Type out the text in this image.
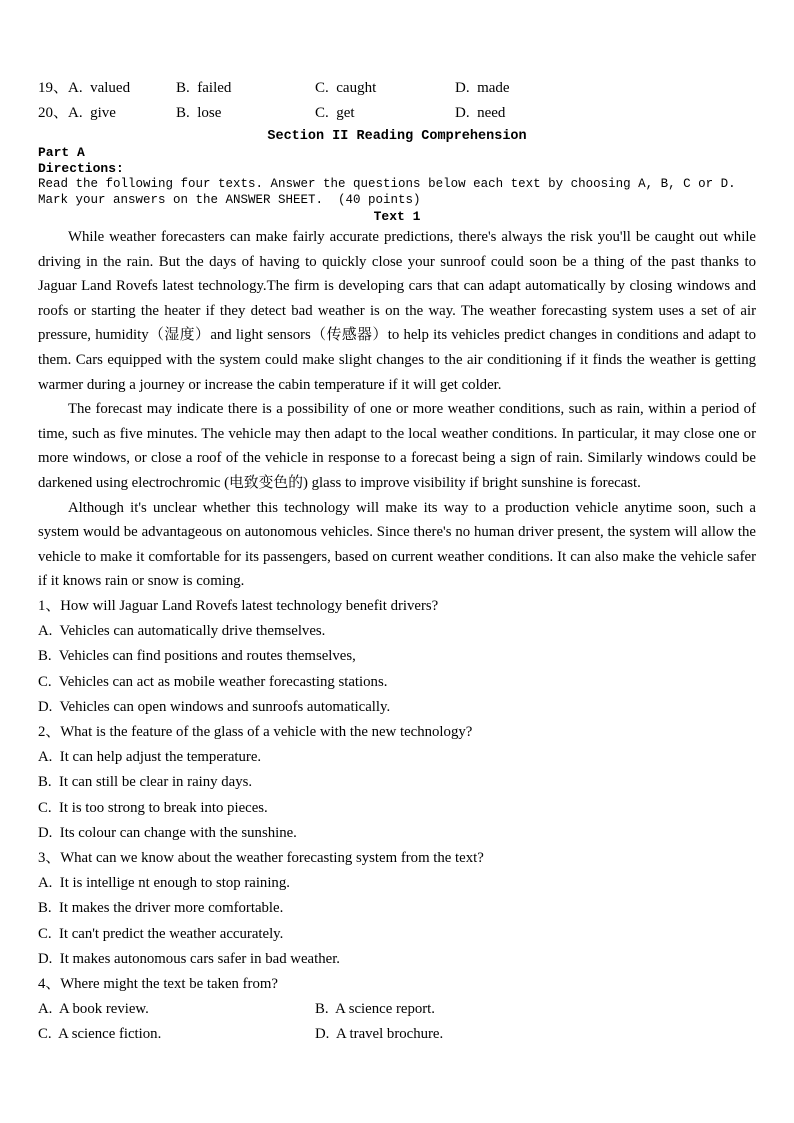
19、A.  valued	B.  failed	C.  caught	D.  made
20、A.  give	B.  lose	C.  get	D.  need
Section II Reading Comprehension
Part A
Directions:
Read the following four texts. Answer the questions below each text by choosing A, B, C or D. Mark your answers on the ANSWER SHEET.  (40 points)
Text 1

While weather forecasters can make fairly accurate predictions, there's always the risk you'll be caught out while driving in the rain. But the days of having to quickly close your sunroof could soon be a thing of the past thanks to Jaguar Land Rovefs latest technology.The firm is developing cars that can adapt automatically by closing windows and roofs or starting the heater if they detect bad weather is on the way. The weather forecasting system uses a set of air pressure, humidity（湿度）and light sensors（传感器）to help its vehicles predict changes in conditions and adapt to them. Cars equipped with the system could make slight changes to the air conditioning if it finds the weather is getting warmer during a journey or increase the cabin temperature if it will get colder.

The forecast may indicate there is a possibility of one or more weather conditions, such as rain, within a period of time, such as five minutes. The vehicle may then adapt to the local weather conditions. In particular, it may close one or more windows, or close a roof of the vehicle in response to a forecast being a sign of rain. Similarly windows could be darkened using electrochromic (电致变色的) glass to improve visibility if bright sunshine is forecast.

Although it's unclear whether this technology will make its way to a production vehicle anytime soon, such a system would be advantageous on autonomous vehicles. Since there's no human driver present, the system will allow the vehicle to make it comfortable for its passengers, based on current weather conditions. It can also make the vehicle safer if it knows rain or snow is coming.

1、How will Jaguar Land Rovefs latest technology benefit drivers?
A.  Vehicles can automatically drive themselves.
B.  Vehicles can find positions and routes themselves,
C.  Vehicles can act as mobile weather forecasting stations.
D.  Vehicles can open windows and sunroofs automatically.
2、What is the feature of the glass of a vehicle with the new technology?
A.  It can help adjust the temperature.
B.  It can still be clear in rainy days.
C.  It is too strong to break into pieces.
D.  Its colour can change with the sunshine.
3、What can we know about the weather forecasting system from the text?
A.  It is intellige nt enough to stop raining.
B.  It makes the driver more comfortable.
C.  It can't predict the weather accurately.
D.  It makes autonomous cars safer in bad weather.
4、Where might the text be taken from?
A.  A book review.	B.  A science report.
C.  A science fiction.	D.  A travel brochure.
